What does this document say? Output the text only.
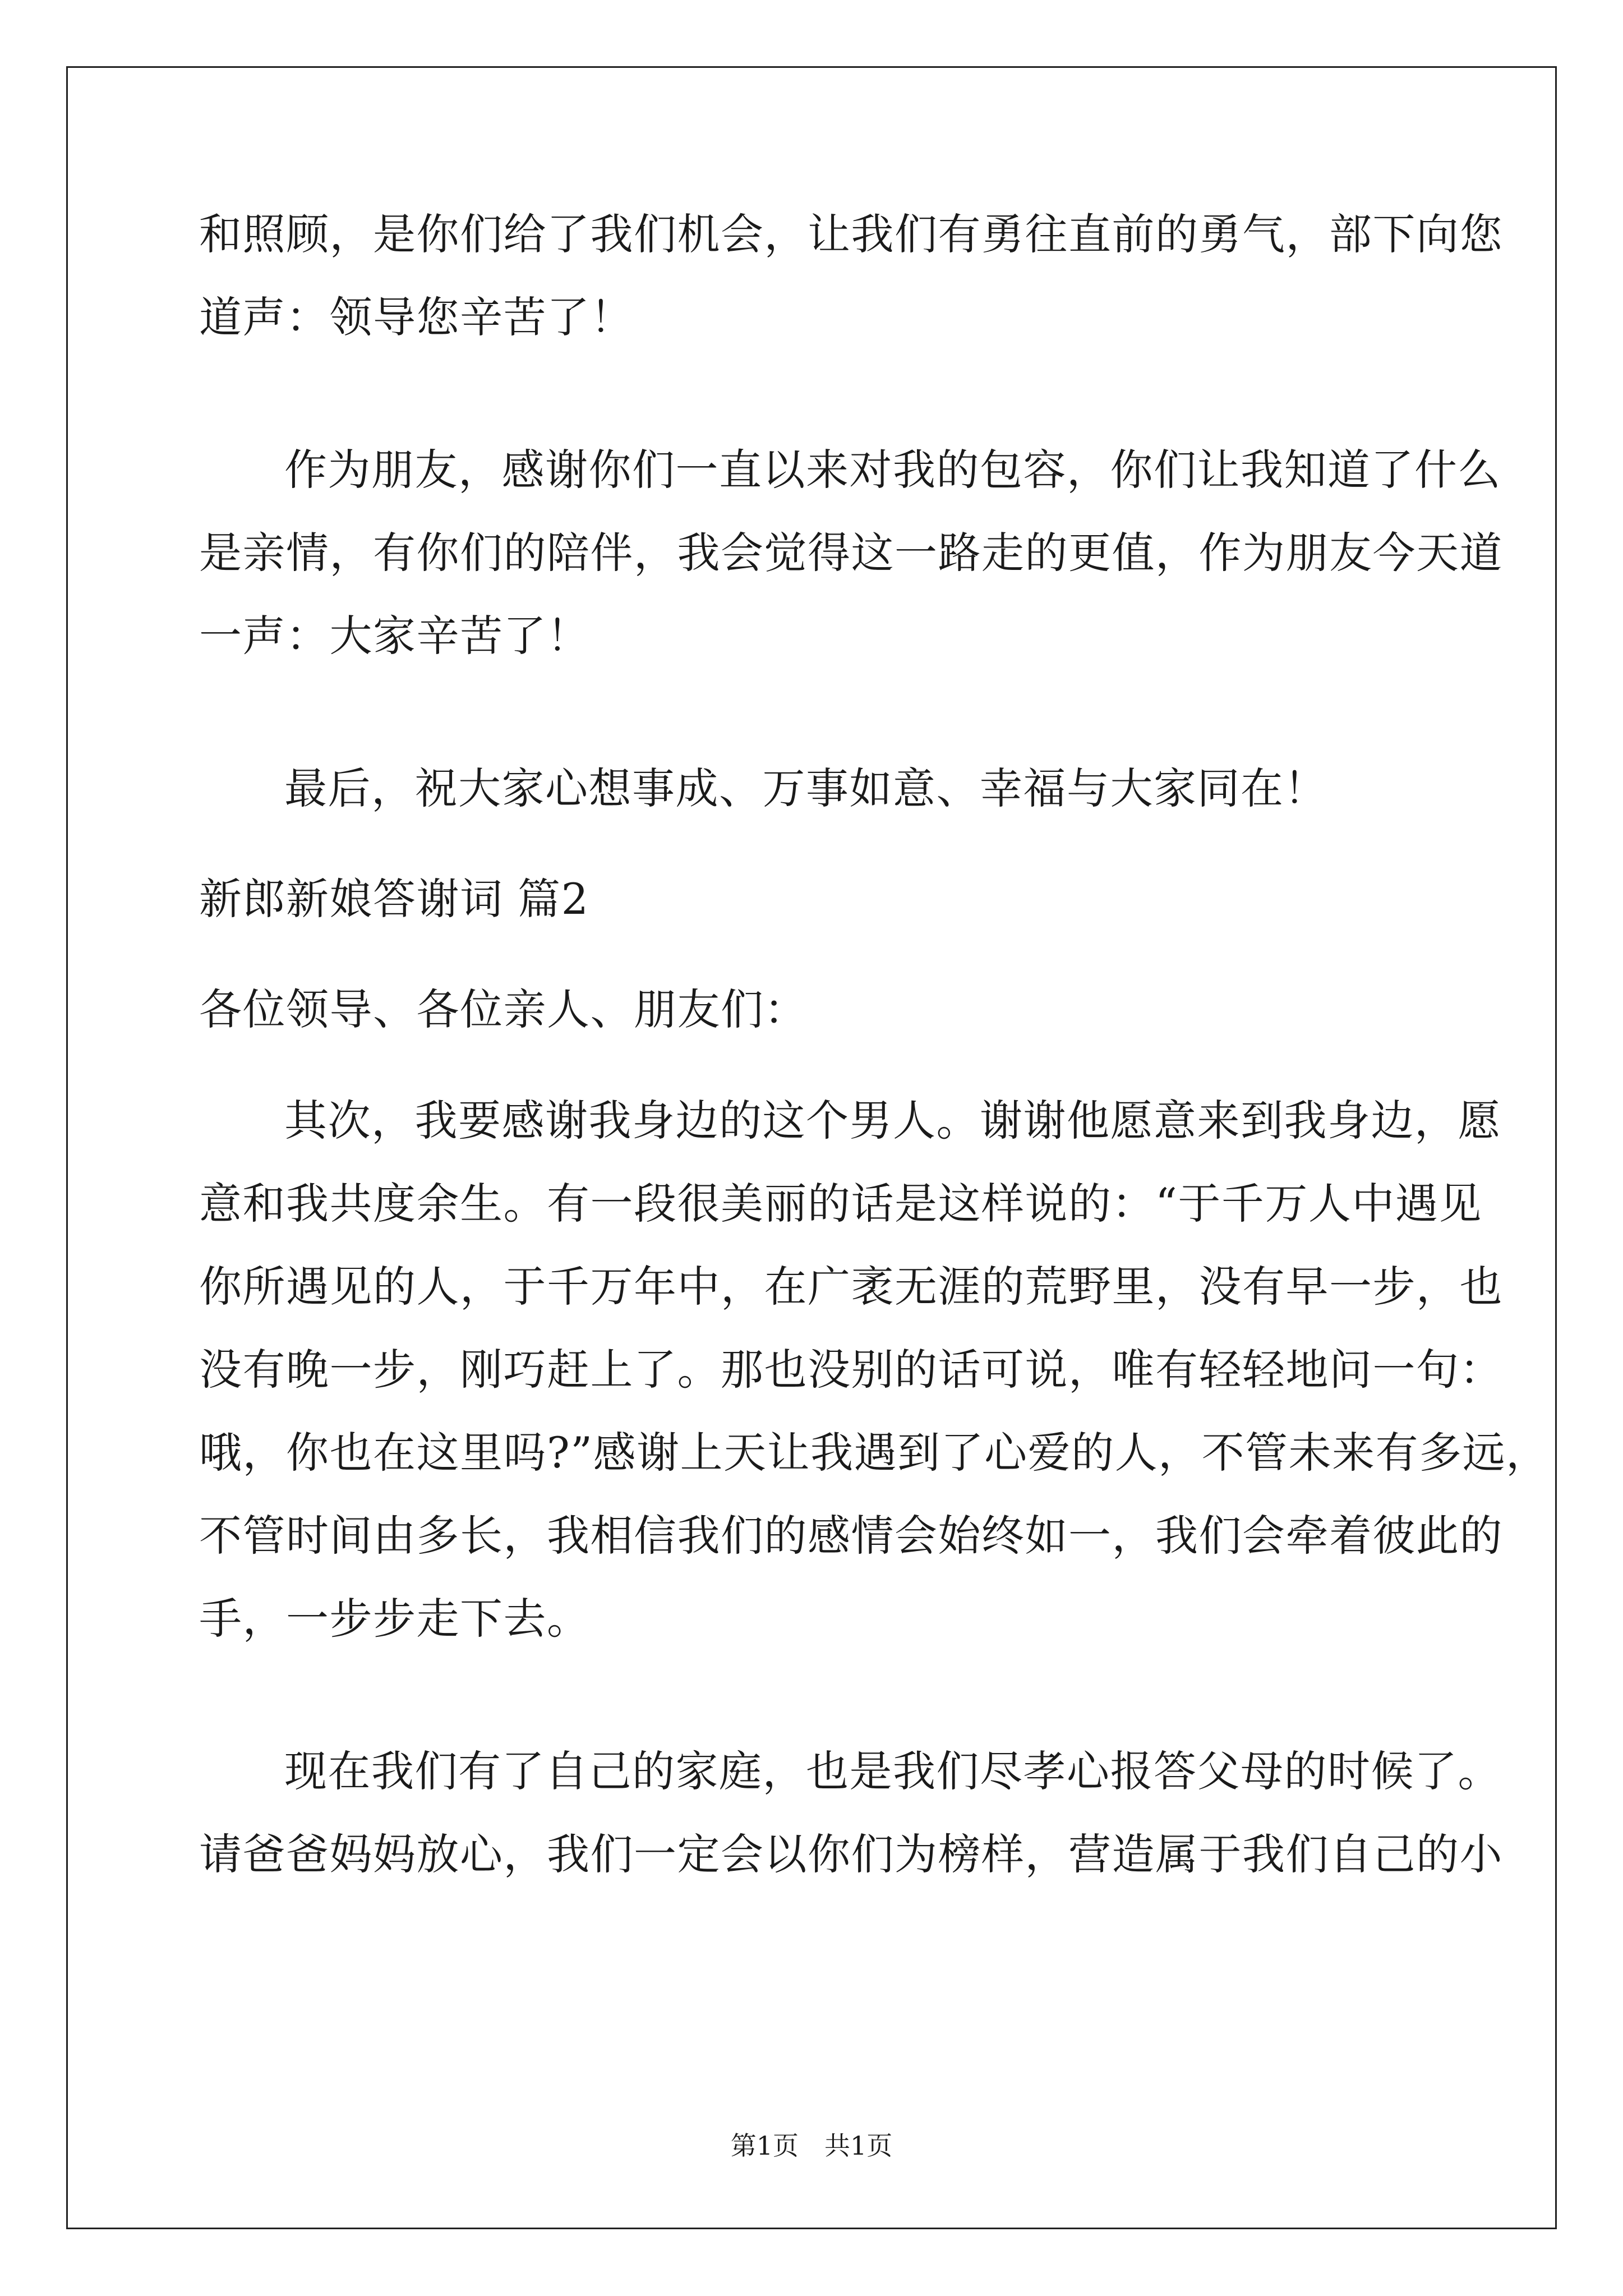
和照顾，是你们给了我们机会，让我们有勇往直前的勇气，部下向您
道声：领导您辛苦了！
作为朋友，感谢你们一直以来对我的包容，你们让我知道了什么
是亲情，有你们的陪伴，我会觉得这一路走的更值，作为朋友今天道
一声：大家辛苦了！
最后，祝大家心想事成、万事如意、幸福与大家同在！
新郎新娘答谢词 篇2
各位领导、各位亲人、朋友们：
其次，我要感谢我身边的这个男人。谢谢他愿意来到我身边，愿
意和我共度余生。有一段很美丽的话是这样说的：“于千万人中遇见
你所遇见的人，于千万年中，在广袤无涯的荒野里，没有早一步，也
没有晚一步，刚巧赶上了。那也没别的话可说，唯有轻轻地问一句：
哦，你也在这里吗?”感谢上天让我遇到了心爱的人，不管未来有多远，
不管时间由多长，我相信我们的感情会始终如一，我们会牵着彼此的
手，一步步走下去。
现在我们有了自己的家庭，也是我们尽孝心报答父母的时候了。
请爸爸妈妈放心，我们一定会以你们为榜样，营造属于我们自己的小
第1页　共1页
